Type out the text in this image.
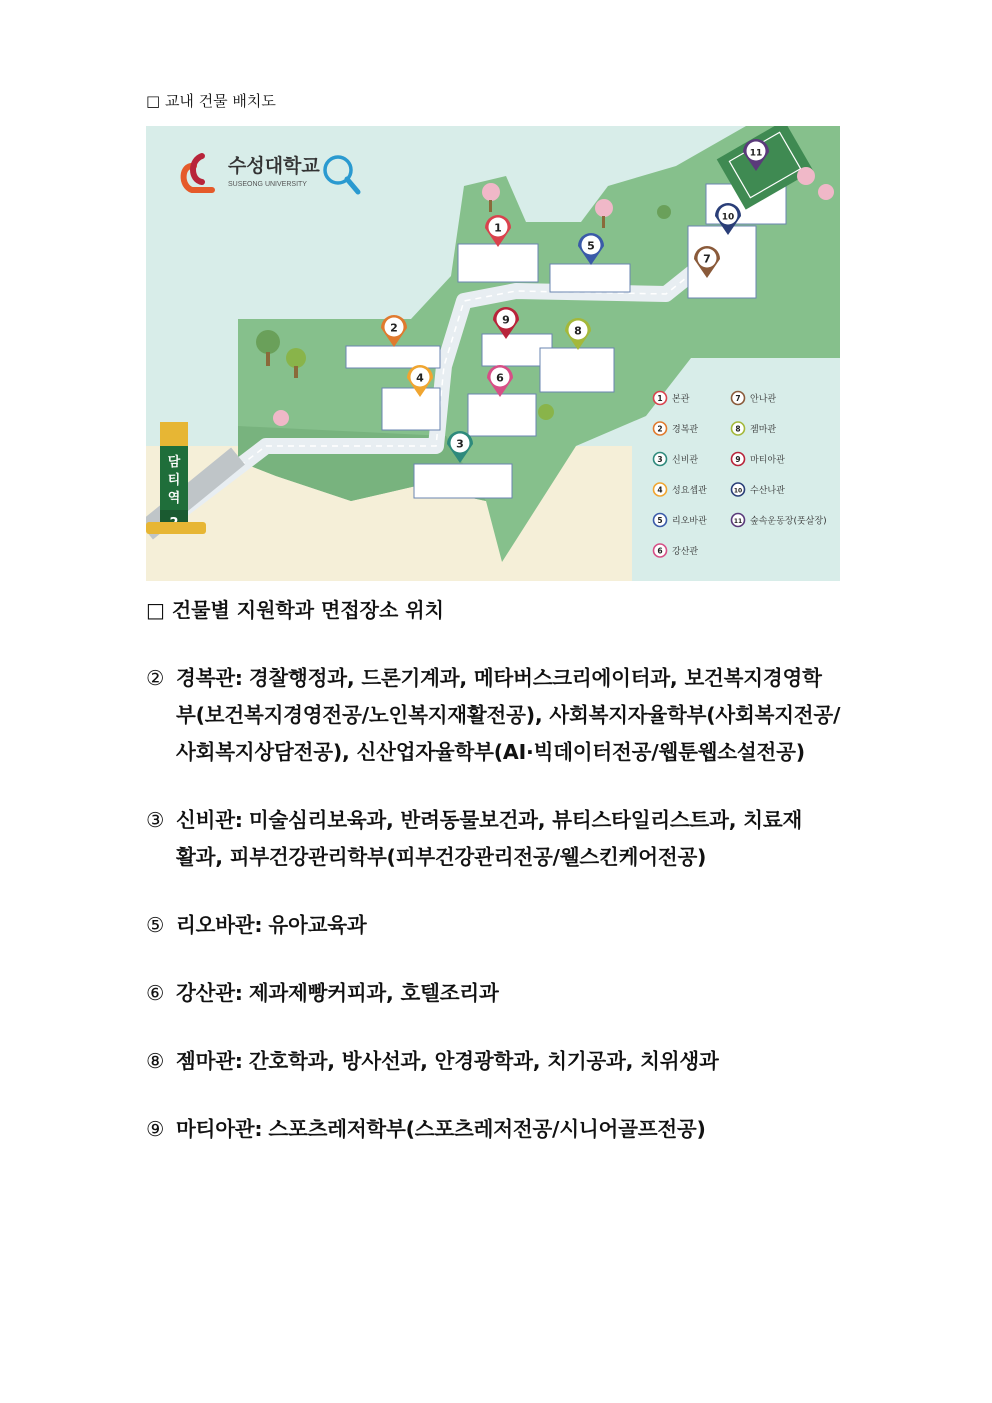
□ 교내 건물 배치도
담 티 역
수성대학교
SUSEONG UNIVERSITY
1
2
3
4
5
6
7
8
9
10
11
1 본관
2 경복관
3 신비관
4 성요셉관
5 리오바관
6 강산관
7 안나관
8 젬마관
9 마티아관
10 수산나관
11 숲속운동장(풋살장)
□ 건물별 지원학과 면접장소 위치
② 경복관: 경찰행정과, 드론기계과, 메타버스크리에이터과, 보건복지경영학
부(보건복지경영전공/노인복지재활전공), 사회복지자율학부(사회복지전공/
사회복지상담전공), 신산업자율학부(AI·빅데이터전공/웹툰웹소설전공)
③ 신비관: 미술심리보육과, 반려동물보건과, 뷰티스타일리스트과, 치료재
활과, 피부건강관리학부(피부건강관리전공/웰스킨케어전공)
⑤ 리오바관: 유아교육과
⑥ 강산관: 제과제빵커피과, 호텔조리과
⑧ 젬마관: 간호학과, 방사선과, 안경광학과, 치기공과, 치위생과
⑨ 마티아관: 스포츠레저학부(스포츠레저전공/시니어골프전공)
